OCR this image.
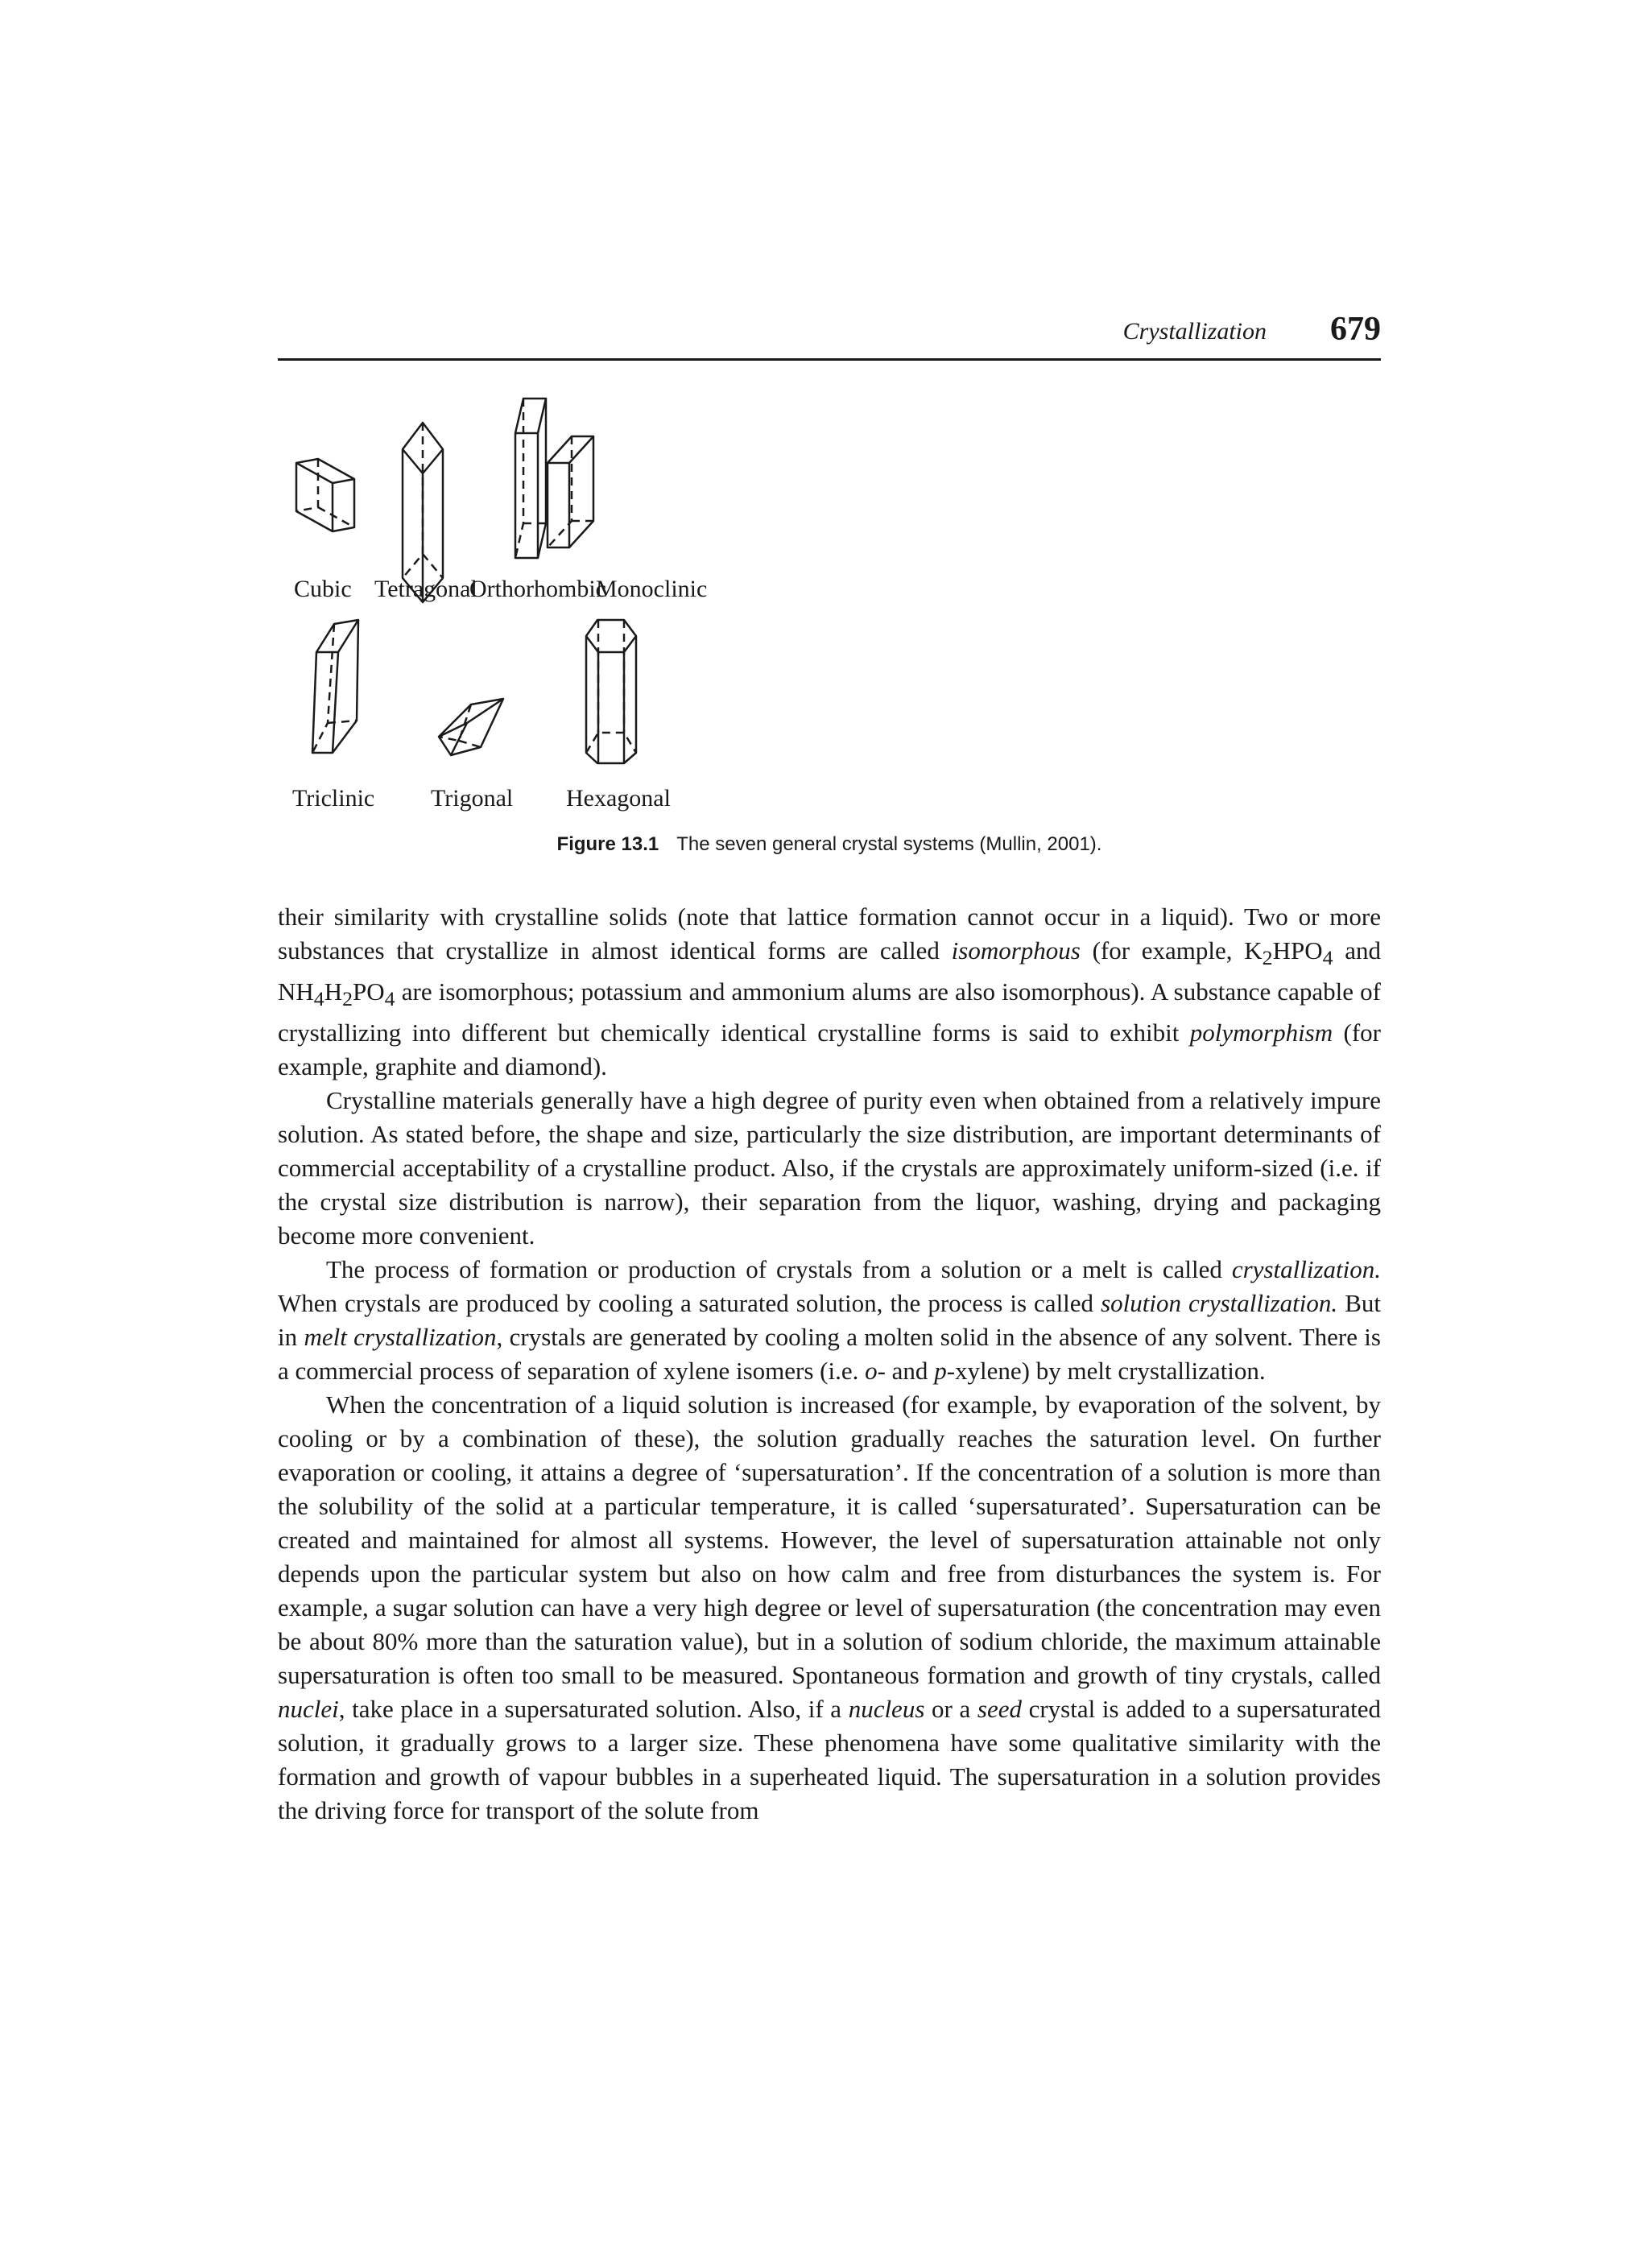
Crystallization 679
Cubic Tetragonal
Orthorhombic
Monoclinic
Triclinic Trigonal Hexagonal
Figure 13.1 The seven general crystal systems (Mullin, 2001).

their similarity with crystalline solids (note that lattice formation cannot occur in a liquid). Two or more substances that crystallize in almost identical forms are called isomorphous (for example, $K_2HPO_4$ and $NH_4H_2PO_4$ are isomorphous; potassium and ammonium alums are also isomorphous). A substance capable of crystallizing into different but chemically identical crystalline forms is said to exhibit polymorphism (for example, graphite and diamond).

Crystalline materials generally have a high degree of purity even when obtained from a relatively impure solution. As stated before, the shape and size, particularly the size distribution, are important determinants of commercial acceptability of a crystalline product. Also, if the crystals are approximately uniform-sized (i.e. if the crystal size distribution is narrow), their separation from the liquor, washing, drying and packaging become more convenient.

The process of formation or production of crystals from a solution or a melt is called crystallization. When crystals are produced by cooling a saturated solution, the process is called solution crystallization. But in melt crystallization, crystals are generated by cooling a molten solid in the absence of any solvent. There is a commercial process of separation of xylene isomers (i.e. o- and p-xylene) by melt crystallization.

When the concentration of a liquid solution is increased (for example, by evaporation of the solvent, by cooling or by a combination of these), the solution gradually reaches the saturation level. On further evaporation or cooling, it attains a degree of ‘supersaturation’. If the concentration of a solution is more than the solubility of the solid at a particular temperature, it is called ‘supersaturated’. Supersaturation can be created and maintained for almost all systems. However, the level of supersaturation attainable not only depends upon the particular system but also on how calm and free from disturbances the system is. For example, a sugar solution can have a very high degree or level of supersaturation (the concentration may even be about 80% more than the saturation value), but in a solution of sodium chloride, the maximum attainable supersaturation is often too small to be measured. Spontaneous formation and growth of tiny crystals, called nuclei, take place in a supersaturated solution. Also, if a nucleus or a seed crystal is added to a supersaturated solution, it gradually grows to a larger size. These phenomena have some qualitative similarity with the formation and growth of vapour bubbles in a superheated liquid. The supersaturation in a solution provides the driving force for transport of the solute from
